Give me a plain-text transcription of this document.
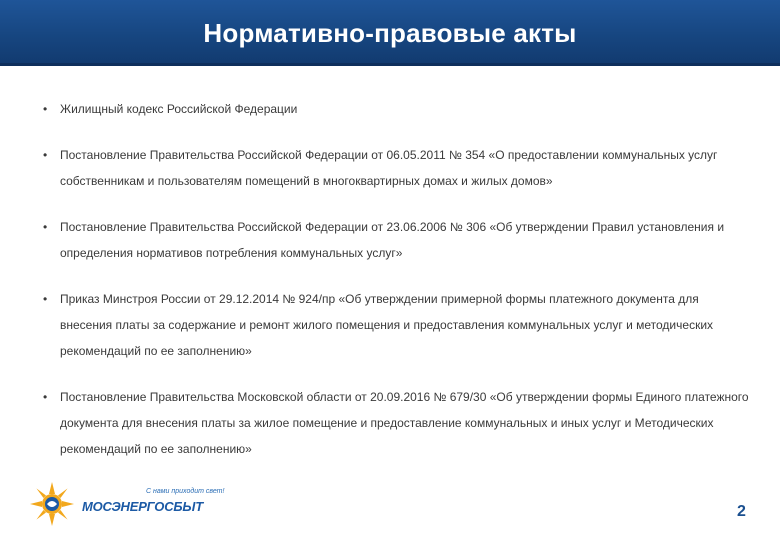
Нормативно-правовые акты
• Жилищный кодекс Российской Федерации
• Постановление Правительства Российской Федерации от 06.05.2011 № 354 «О предоставлении коммунальных услуг собственникам и пользователям помещений в многоквартирных домах и жилых домов»
• Постановление Правительства Российской Федерации от 23.06.2006 № 306 «Об утверждении Правил установления и определения нормативов потребления коммунальных услуг»
• Приказ Минстроя России от 29.12.2014 № 924/пр «Об утверждении примерной формы платежного документа для внесения платы за содержание и ремонт жилого помещения и предоставления коммунальных услуг и методических рекомендаций по ее заполнению»
• Постановление Правительства Московской области от 20.09.2016 № 679/30 «Об утверждении формы Единого платежного документа для внесения платы за жилое помещение и предоставление коммунальных и иных услуг и Методических рекомендаций по ее заполнению»
С нами приходит свет!
МОСЭНЕРГОСБЫТ	2
